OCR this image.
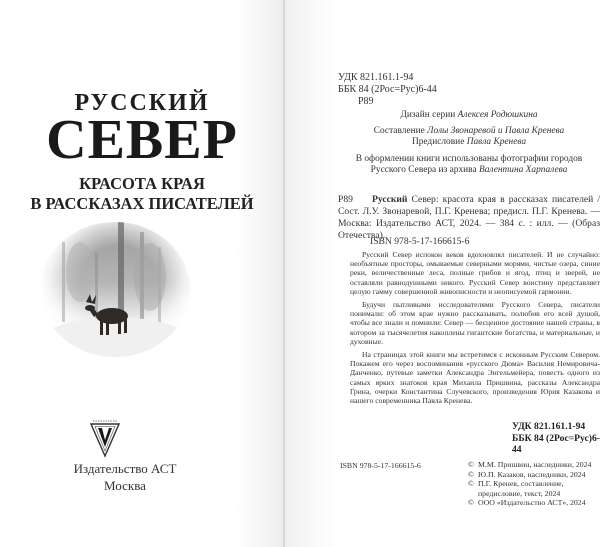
РУССКИЙ
СЕВЕР
КРАСОТА КРАЯ
В РАССКАЗАХ ПИСАТЕЛЕЙ
Издательство АСТ
Москва
УДК 821.161.1-94
ББК 84 (2Рос=Рус)6-44
Р89
Дизайн серии Алексея Родюшкина
Составление Лолы Звонаревой и Павла Кренева
Предисловие Павла Кренева
В оформлении книги использованы фотографии городов
Русского Севера из архива Валентина Харпалева
Р89	Русский Север: красота края в рассказах писателей / Сост. Л.У. Звонаревой, П.Г. Кренева; предисл. П.Г. Кренева. — Москва: Издательство АСТ, 2024. — 384 с. : илл. — (Образ Отечества).
ISBN 978-5-17-166615-6

Русский Север испокон веков вдохновлял писателей. И не случайно: необъятные просторы, омываемые северными морями, чистые озера, синие реки, величественные леса, полные грибов и ягод, птиц и зверей, не оставляли равнодушными никого. Русский Север воистину представляет целую гамму совершенной живописности и неописуемой гармонии.

Будучи пытливыми исследователями Русского Севера, писатели понимали: об этом крае нужно рассказывать, полюбив его всей душой, чтобы все знали и помнили: Север — бесценное достояние нашей страны, в котором за тысячелетия накоплены гигантские богатства, и материальные, и духовные.

На страницах этой книги мы встретимся с исконным Русским Севером. Покажем его через воспоминания «русского Дюма» Василия Немировича-Данченко, путевые заметки Александра Энгельмейера, повесть одного из самых ярких знатоков края Михаила Пришвина, рассказы Александра Грина, очерки Константина Случевского, произведения Юрия Казакова и нашего современника Павла Кренева.

УДК 821.161.1-94
ББК 84 (2Рос=Рус)6-44
ISBN 978-5-17-166615-6	© М.М. Пришвин, наследники, 2024
© Ю.П. Казаков, наследники, 2024
© П.Г. Кренев, составление, предисловие, текст, 2024
© ООО «Издательство АСТ», 2024
